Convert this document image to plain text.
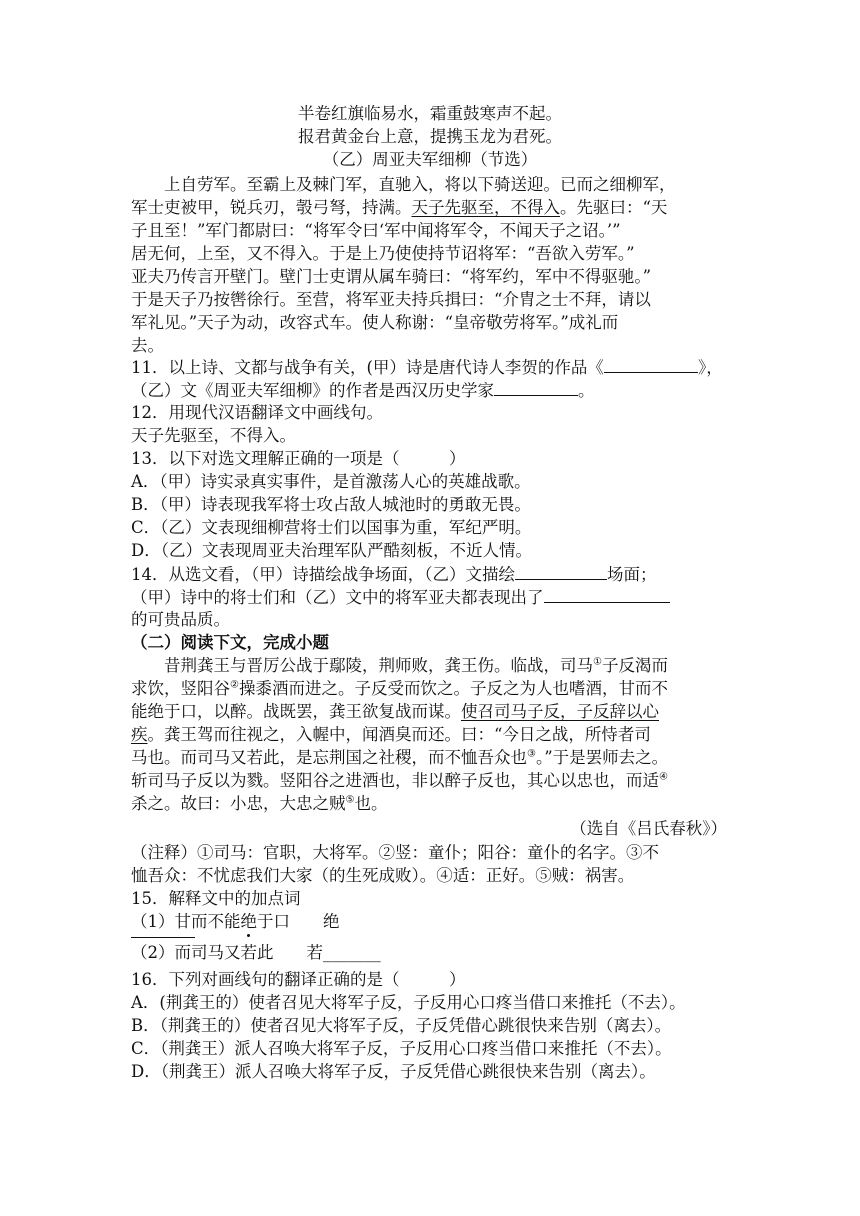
半卷红旗临易水，霜重鼓寒声不起。
报君黄金台上意，提携玉龙为君死。
（乙）周亚夫军细柳（节选）
上自劳军。至霸上及棘门军，直驰入，将以下骑送迎。已而之细柳军，
军士吏被甲，锐兵刃，彀弓弩，持满。天子先驱至，不得入。先驱曰：“天
子且至！”军门都尉曰：“将军令曰‘军中闻将军令，不闻天子之诏。’”
居无何，上至，又不得入。于是上乃使使持节诏将军：“吾欲入劳军。”
亚夫乃传言开壁门。壁门士吏谓从属车骑曰：“将军约，军中不得驱驰。”
于是天子乃按辔徐行。至营，将军亚夫持兵揖曰：“介胄之士不拜，请以
军礼见。”天子为动，改容式车。使人称谢：“皇帝敬劳将军。”成礼而
去。
11．以上诗、文都与战争有关，(甲）诗是唐代诗人李贺的作品《	》，
（乙）文《周亚夫军细柳》的作者是西汉历史学家	。
12．用现代汉语翻译文中画线句。
天子先驱至，不得入。
13．以下对选文理解正确的一项是（　　　）
A．（甲）诗实录真实事件，是首激荡人心的英雄战歌。
B．（甲）诗表现我军将士攻占敌人城池时的勇敢无畏。
C．（乙）文表现细柳营将士们以国事为重，军纪严明。
D．（乙）文表现周亚夫治理军队严酷刻板，不近人情。
14．从选文看，（甲）诗描绘战争场面，（乙）文描绘	场面；
（甲）诗中的将士们和（乙）文中的将军亚夫都表现出了
的可贵品质。
（二）阅读下文，完成小题
昔荆龚王与晋厉公战于鄢陵，荆师败，龚王伤。临战，司马①子反渴而
求饮，竖阳谷②操黍酒而进之。子反受而饮之。子反之为人也嗜酒，甘而不
能绝于口，以醉。战既罢，龚王欲复战而谋。使召司马子反，子反辞以心
疾。龚王驾而往视之，入幄中，闻酒臭而还。曰：“今日之战，所恃者司
马也。而司马又若此，是忘荆国之社稷，而不恤吾众也③。”于是罢师去之。
斩司马子反以为戮。竖阳谷之进酒也，非以醉子反也，其心以忠也，而适④
杀之。故曰：小忠，大忠之贼⑤也。
（选自《吕氏春秋》）
（注释）①司马：官职，大将军。②竖：童仆；阳谷：童仆的名字。③不
恤吾众：不忧虑我们大家（的生死成败）。④适：正好。⑤贼：祸害。
15．解释文中的加点词
（1）甘而不能绝于口　　绝
（2）而司马又若此　　若_______
16．下列对画线句的翻译正确的是（　　　）
A．(荆龚王的）使者召见大将军子反，子反用心口疼当借口来推托（不去）。
B．（荆龚王的）使者召见大将军子反，子反凭借心跳很快来告别（离去）。
C．（荆龚王）派人召唤大将军子反，子反用心口疼当借口来推托（不去）。
D．（荆龚王）派人召唤大将军子反，子反凭借心跳很快来告别（离去）。
